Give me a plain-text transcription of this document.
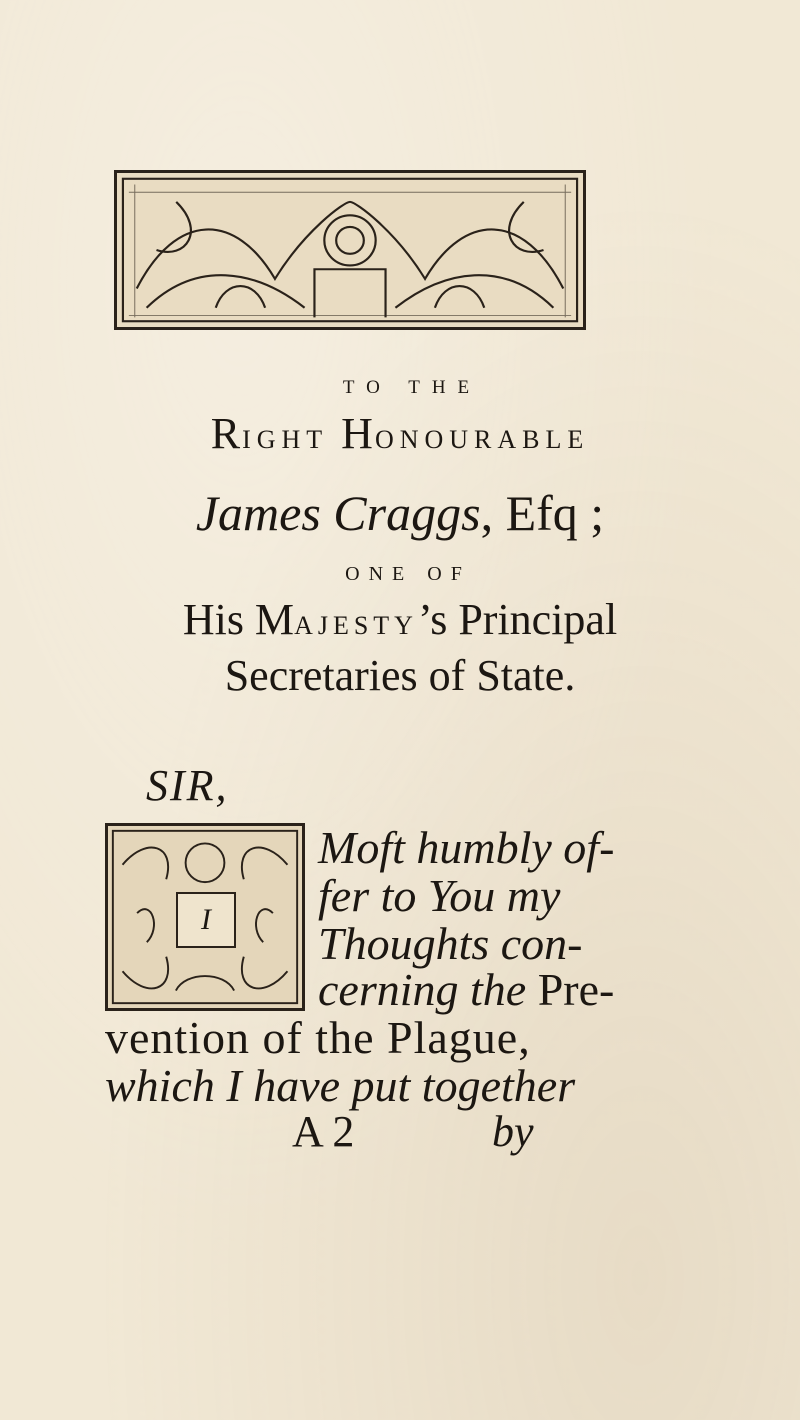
TO THE
RIGHT HONOURABLE
James Craggs, Efq ;
ONE OF
His MAJESTY’s Principal
Secretaries of State.
SIR,
I
Moft humbly of-
fer to You my
Thoughts con-
cerning the Pre-
vention of the Plague,
which I have put together
A 2	by
